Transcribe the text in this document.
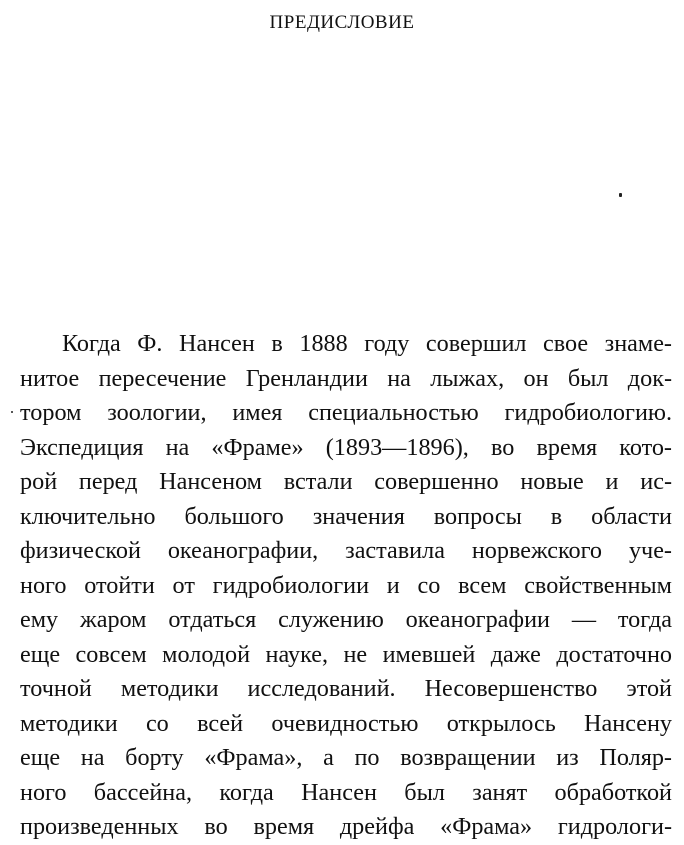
ПРЕДИСЛОВИЕ
Когда Ф. Нансен в 1888 году совершил свое знаме-
нитое пересечение Гренландии на лыжах, он был док-
тором зоологии, имея специальностью гидробиологию.
Экспедиция на «Фраме» (1893—1896), во время кото-
рой перед Нансеном встали совершенно новые и ис-
ключительно большого значения вопросы в области
физической океанографии, заставила норвежского уче-
ного отойти от гидробиологии и со всем свойственным
ему жаром отдаться служению океанографии — тогда
еще совсем молодой науке, не имевшей даже достаточно
точной методики исследований. Несовершенство этой
методики со всей очевидностью открылось Нансену
еще на борту «Фрама», а по возвращении из Поляр-
ного бассейна, когда Нансен был занят обработкой
произведенных во время дрейфа «Фрама» гидрологи-
